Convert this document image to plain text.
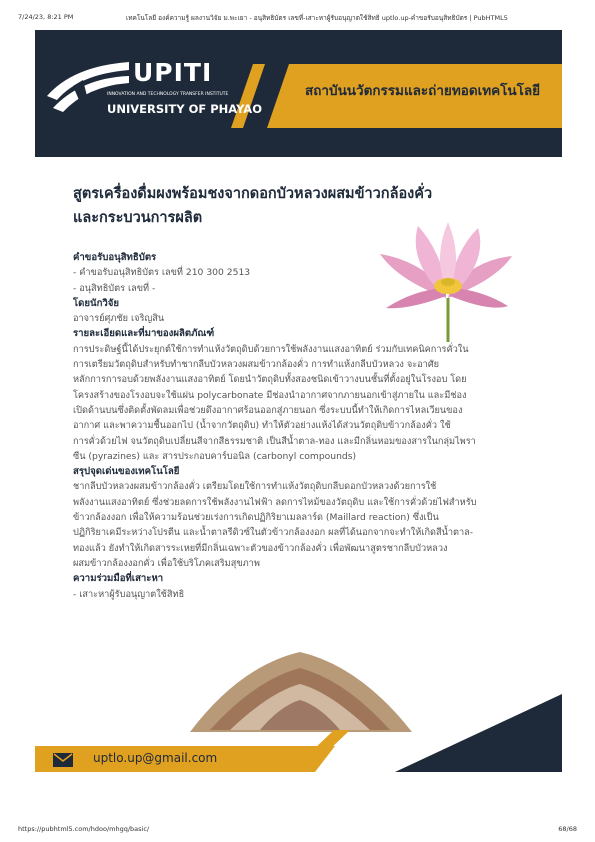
7/24/23, 8:21 PM	เทคโนโลยี องค์ความรู้ ผลงานวิจัย ม.พะเยา - อนุสิทธิบัตร เลขที่-เสาะหาผู้รับอนุญาตใช้สิทธิ uptlo.up-คำขอรับอนุสิทธิบัตร | PubHTML5
สถาบันนวัตกรรมและถ่ายทอดเทคโนโลยี
UPITI
INNOVATION AND TECHNOLOGY TRANSFER INSTITUTE
UNIVERSITY OF PHAYAO
สูตรเครื่องดื่มผงพร้อมชงจากดอกบัวหลวงผสมข้าวกล้องคั่ว
และกระบวนการผลิต
คำขอรับอนุสิทธิบัตร
- คำขอรับอนุสิทธิบัตร เลขที่ 210 300 2513
- อนุสิทธิบัตร เลขที่ -
โดยนักวิจัย
อาจารย์ศุภชัย เจริญสิน
รายละเอียดและที่มาของผลิตภัณฑ์
การประดิษฐ์นี้ได้ประยุกต์ใช้การทำแห้งวัตถุดิบด้วยการใช้พลังงานแสงอาทิตย์ ร่วมกับเทคนิคการคั่วใน
การเตรียมวัตถุดิบสำหรับทำชากลีบบัวหลวงผสมข้าวกล้องคั่ว การทำแห้งกลีบบัวหลวง จะอาศัย
หลักการการอบด้วยพลังงานแสงอาทิตย์ โดยนำวัตถุดิบทั้งสองชนิดเข้าวางบนชั้นที่ตั้งอยู่ในโรงอบ โดย
โครงสร้างของโรงอบจะใช้แผ่น polycarbonate มีช่องนำอากาศจากภายนอกเข้าสู่ภายใน และมีช่อง
เปิดด้านบนซึ่งติดตั้งพัดลมเพื่อช่วยดึงอากาศร้อนออกสู่ภายนอก ซึ่งระบบนี้ทำให้เกิดการไหลเวียนของ
อากาศ และพาความชื้นออกไป (น้ำจากวัตถุดิบ) ทำให้ตัวอย่างแห้งได้ส่วนวัตถุดิบข้าวกล้องคั่ว ใช้
การคั่วด้วยไฟ จนวัตถุดิบเปลี่ยนสีจากสีธรรมชาติ เป็นสีน้ำตาล-ทอง และมีกลิ่นหอมของสารในกลุ่มไพรา
ซีน (pyrazines) และ สารประกอบคาร์บอนิล (carbonyl compounds)
สรุปจุดเด่นของเทคโนโลยี
ชากลีบบัวหลวงผสมข้าวกล้องคั่ว เตรียมโดยใช้การทำแห้งวัตถุดิบกลีบดอกบัวหลวงด้วยการใช้
พลังงานแสงอาทิตย์ ซึ่งช่วยลดการใช้พลังงานไฟฟ้า ลดการไหม้ของวัตถุดิบ และใช้การคั่วด้วยไฟสำหรับ
ข้าวกล้องงอก เพื่อให้ความร้อนช่วยเร่งการเกิดปฏิกิริยาเมลลาร์ด (Maillard reaction) ซึ่งเป็น
ปฏิกิริยาเคมีระหว่างโปรตีน และน้ำตาลรีดิวซ์ในตัวข้าวกล้องงอก ผลที่ได้นอกจากจะทำให้เกิดสีน้ำตาล-
ทองแล้ว ยังทำให้เกิดสารระเหยที่มีกลิ่นเฉพาะตัวของข้าวกล้องคั่ว เพื่อพัฒนาสูตรชากลีบบัวหลวง
ผสมข้าวกล้องงอกคั่ว เพื่อใช้บริโภคเสริมสุขภาพ
ความร่วมมือที่เสาะหา
- เสาะหาผู้รับอนุญาตใช้สิทธิ
uptlo.up@gmail.com
https://pubhtml5.com/hdoo/mhgq/basic/	68/68
